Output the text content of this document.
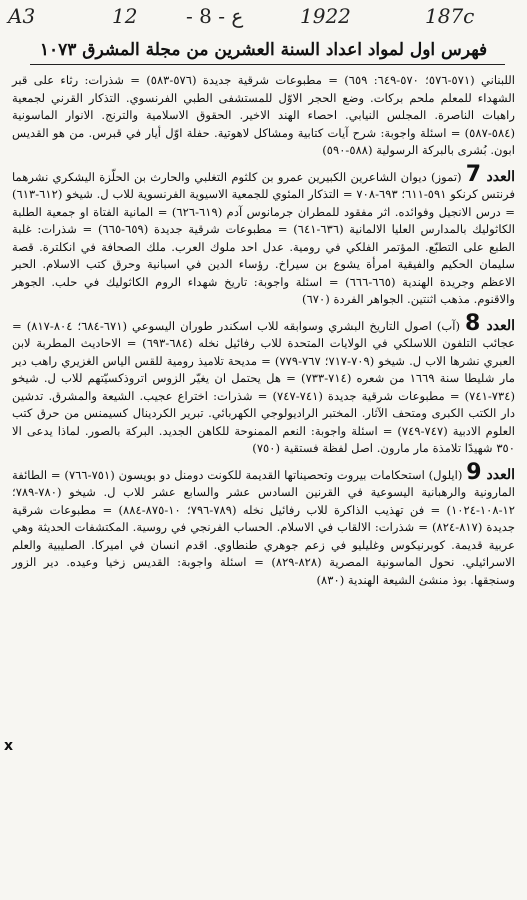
A3	12 - 8 - ع	1922	187c
فهرس اول لمواد اعداد السنة العشرين من مجلة المشرق ١٠٧٣

اللبناني (٥٧١-٥٧٦؛ ٥٧٠-٦٤٩: ٦٥٩) = مطبوعات شرقية جديدة (٥٧٦-٥٨٣) = شذرات: رثاء على قبر الشهداء للمعلم ملحم بركات. وضع الحجر الاوّل للمستشفى الطبي الفرنسوي. التذكار القرني لجمعية راهبات الناصرة. المجلس النيابي. احصاء الهند الاخير. الحقوق الاسلامية والترنج. الانوار الماسونية (٥٨٤-٥٨٧) = اسئلة واجوبة: شرح آيات كتابية ومشاكل لاهوتية. حفلة اوّل أيار في قبرس. من هو القديس ابون. بُشرى بالبركة الرسولية (٥٨٨-٥٩٠)

العدد 7 (تموز) ديوان الشاعرين الكبيرين عمرو بن كلثوم التغلبي والحارث بن الحلّزة اليشكري نشرهما فرنتس كرنكو ٥٩١-٦١١؛ ٦٩٣-٧٠٨ = التذكار المئوي للجمعية الاسيوية الفرنسوية للاب ل. شيخو (٦١٢-٦١٣) = درس الانجيل وفوائده. اثر مفقود للمطران جرمانوس آدم (٦١٩-٦٢٦) = المانية الفتاة او جمعية الطلبة الكاثوليك بالمدارس العليا الالمانية (٦٣٦-٦٤١) = مطبوعات شرقية جديدة (٦٥٩-٦٦٥) = شذرات: غلبة الطبع على التطبّع. المؤتمر الفلكي في رومية. عدل احد ملوك العرب. ملك الصحافة في انكلترة. قصة سليمان الحكيم والفيقية امرأة يشوع بن سيراخ. رؤساء الدين في اسبانية وحرق كتب الاسلام. الحبر الاعظم وجريدة الهندية (٦٦٥-٦٦٦) = اسئلة واجوبة: تاريخ شهداء الروم الكاثوليك في حلب. الجوهر والاقنوم. مذهب اثنتين. الجواهر الفردة (٦٧٠)

العدد 8 (آب) اصول التاريخ البشري وسوابقه للاب اسكندر طوران اليسوعي (٦٧١-٦٨٤؛ ٨٠٤-٨١٧) = عجائب التلفون اللاسلكي في الولايات المتحدة للاب رفائيل نخله (٦٨٤-٦٩٣) = الاحاديث المطربة لابن العبري نشرها الاب ل. شيخو (٧٠٩-٧١٧؛ ٧٦٧-٧٧٩) = مديحة تلاميذ رومية للقس الياس الغزيري راهب دير مار شليطا سنة ١٦٦٩ من شعره (٧١٤-٧٣٣) = هل يحتمل ان يغيّر الزوس اتروذكسيّتهم للاب ل. شيخو (٧٣٤-٧٤١) = مطبوعات شرقية جديدة (٧٤١-٧٤٧) = شذرات: اختراع عجيب. الشيعة والمشرق. تدشين دار الكتب الكبرى ومتحف الآثار. المختبر الراديولوجي الكهربائي. تبرير الكردينال كسيمنس من حرق كتب العلوم الادبية (٧٤٧-٧٤٩) = اسئلة واجوبة: النعم الممنوحة للكاهن الجديد. البركة بالصور. لماذا يدعى الا ٣٥٠ شهيدًا تلامذة مار مارون. اصل لفظة فستقية (٧٥٠)

العدد 9 (ايلول) استحكامات بيروت وتحصيناتها القديمة للكونت دومنل دو بويسون (٧٥١-٧٦٦) = الطائفة المارونية والرهبانية اليسوعية في القرنين السادس عشر والسابع عشر للاب ل. شيخو (٧٨٠-٧٨٩؛ ١٢-١٠٨-١٠٢٤) = فن تهذيب الذاكرة للاب رفائيل نخله (٧٨٩-٧٩٦؛ ١٠-٨٧٥-٨٨٤) = مطبوعات شرقية جديدة (٨١٧-٨٢٤) = شذرات: الالقاب في الاسلام. الحساب الفرنجي في روسية. المكتشفات الحديثة وهي عربية قديمة. كوبرنيكوس وغليليو في زعم جوهري طنطاوي. اقدم انسان في اميركا. الصليبية والعلم الاسرائيلي. نحول الماسونية المصرية (٨٢٨-٨٢٩) = اسئلة واجوبة: القديس زخيا وعيده. دير الزور وسنجقها. بوذ منشئ الشيعة الهندية (٨٣٠)

x
